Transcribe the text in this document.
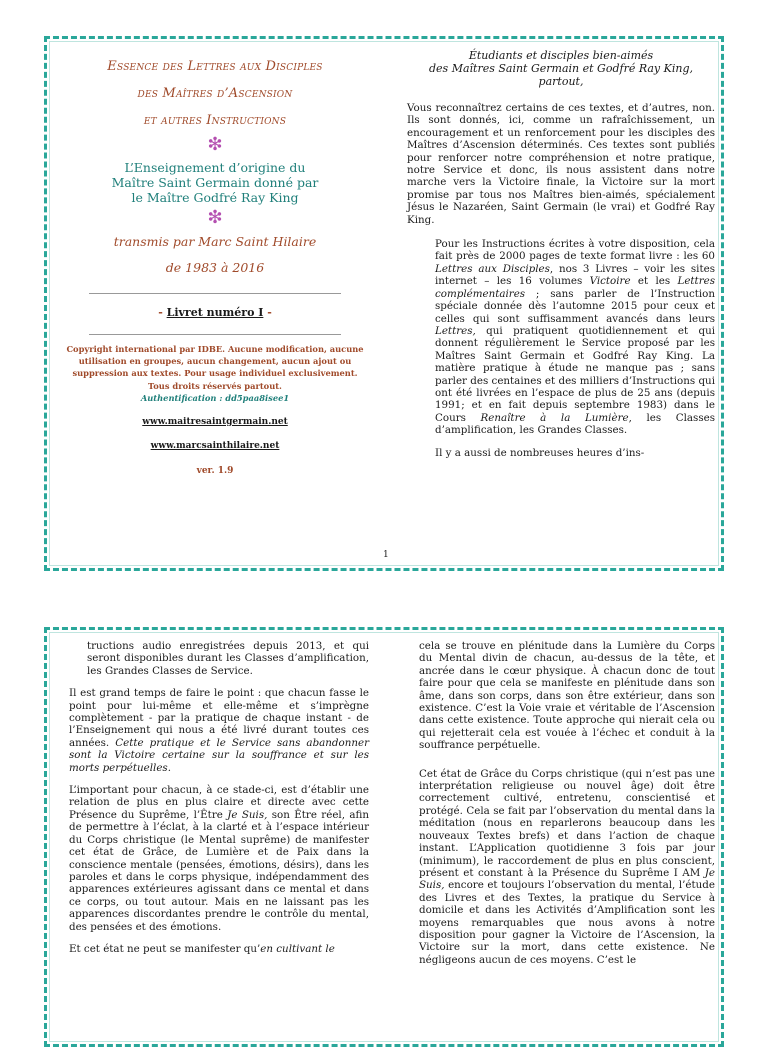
Essence des Lettres aux Disciples
des Maîtres d’Ascension
et autres Instructions
❇
L’Enseignement d’origine du
Maître Saint Germain donné par
le Maître Godfré Ray King
❇
transmis par Marc Saint Hilaire
de 1983 à 2016
- Livret numéro I -
Copyright international par IDBE. Aucune modification, aucune utilisation en groupes, aucun changement, aucun ajout ou suppression aux textes. Pour usage individuel exclusivement. Tous droits réservés partout.
Authentification : dd5paa8isee1
www.maitresaintgermain.net
www.marcsainthilaire.net
ver. 1.9
Étudiants et disciples bien-aimés
des Maîtres Saint Germain et Godfré Ray King,
partout,

Vous reconnaîtrez certains de ces textes, et d’autres, non. Ils sont donnés, ici, comme un rafraîchissement, un encouragement et un renforcement pour les disciples des Maîtres d’Ascension déterminés. Ces textes sont publiés pour renforcer notre compréhension et notre pratique, notre Service et donc, ils nous assistent dans notre marche vers la Victoire finale, la Victoire sur la mort promise par tous nos Maîtres bien-aimés, spécialement Jésus le Nazaréen, Saint Germain (le vrai) et Godfré Ray King.

Pour les Instructions écrites à votre disposition, cela fait près de 2000 pages de texte format livre : les 60 Lettres aux Disciples, nos 3 Livres – voir les sites internet – les 16 volumes Victoire et les Lettres complémentaires ; sans parler de l’Instruction spéciale donnée dès l’automne 2015 pour ceux et celles qui sont suffisamment avancés dans leurs Lettres, qui pratiquent quotidiennement et qui donnent régulièrement le Service proposé par les Maîtres Saint Germain et Godfré Ray King. La matière pratique à étude ne manque pas ; sans parler des centaines et des milliers d’Instructions qui ont été livrées en l’espace de plus de 25 ans (depuis 1991; et en fait depuis septembre 1983) dans le Cours Renaître à la Lumière, les Classes d’amplification, les Grandes Classes.

Il y a aussi de nombreuses heures d’ins-

1

tructions audio enregistrées depuis 2013, et qui seront disponibles durant les Classes d’amplification, les Grandes Classes de Service.

Il est grand temps de faire le point : que chacun fasse le point pour lui-même et elle-même et s’imprègne complètement - par la pratique de chaque instant - de l’Enseignement qui nous a été livré durant toutes ces années. Cette pratique et le Service sans abandonner sont la Victoire certaine sur la souffrance et sur les morts perpétuelles.

L’important pour chacun, à ce stade-ci, est d’établir une relation de plus en plus claire et directe avec cette Présence du Suprême, l’Être Je Suis, son Être réel, afin de permettre à l’éclat, à la clarté et à l’espace intérieur du Corps christique (le Mental suprême) de manifester cet état de Grâce, de Lumière et de Paix dans la conscience mentale (pensées, émotions, désirs), dans les paroles et dans le corps physique, indépendamment des apparences extérieures agissant dans ce mental et dans ce corps, ou tout autour. Mais en ne laissant pas les apparences discordantes prendre le contrôle du mental, des pensées et des émotions.

Et cet état ne peut se manifester qu’en cultivant le

cela se trouve en plénitude dans la Lumière du Corps du Mental divin de chacun, au-dessus de la tête, et ancrée dans le cœur physique. À chacun donc de tout faire pour que cela se manifeste en plénitude dans son âme, dans son corps, dans son être extérieur, dans son existence. C’est la Voie vraie et véritable de l’Ascension dans cette existence. Toute approche qui nierait cela ou qui rejetterait cela est vouée à l’échec et conduit à la souffrance perpétuelle.

Cet état de Grâce du Corps christique (qui n’est pas une interprétation religieuse ou nouvel âge) doit être correctement cultivé, entretenu, conscientisé et protégé. Cela se fait par l’observation du mental dans la méditation (nous en reparlerons beaucoup dans les nouveaux Textes brefs) et dans l’action de chaque instant. L’Application quotidienne 3 fois par jour (minimum), le raccordement de plus en plus conscient, présent et constant à la Présence du Suprême I AM Je Suis, encore et toujours l’observation du mental, l’étude des Livres et des Textes, la pratique du Service à domicile et dans les Activités d’Amplification sont les moyens remarquables que nous avons à notre disposition pour gagner la Victoire de l’Ascension, la Victoire sur la mort, dans cette existence. Ne négligeons aucun de ces moyens. C’est le
